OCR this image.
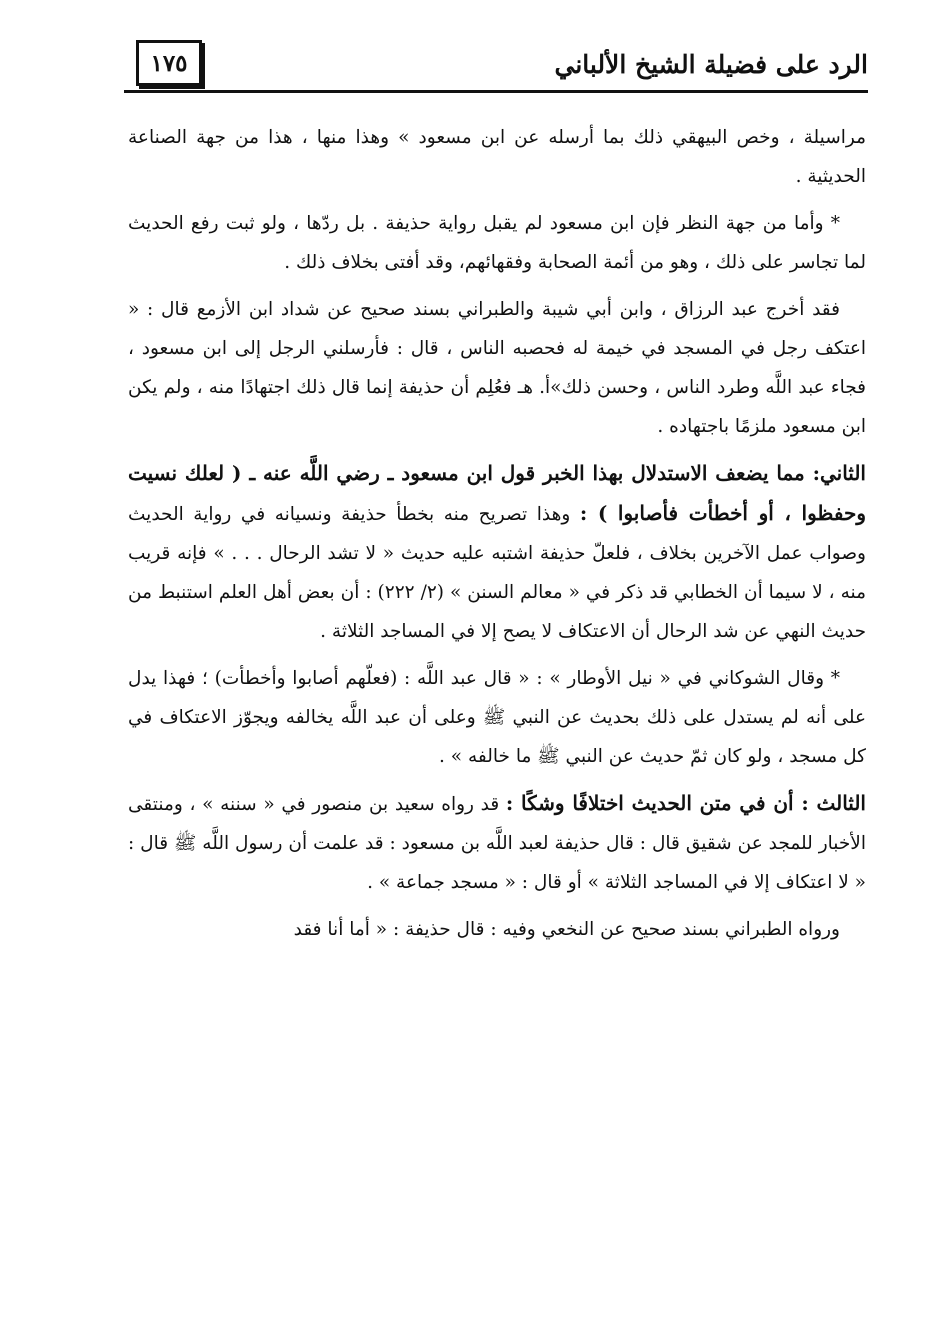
الرد على فضيلة الشيخ الألباني
١٧٥

مراسيلة ، وخص البيهقي ذلك بما أرسله عن ابن مسعود » وهذا منها ، هذا من جهة الصناعة الحديثية .

* وأما من جهة النظر فإن ابن مسعود لم يقبل رواية حذيفة . بل ردّها ، ولو ثبت رفع الحديث لما تجاسر على ذلك ، وهو من أئمة الصحابة وفقهائهم، وقد أفتى بخلاف ذلك .

فقد أخرج عبد الرزاق ، وابن أبي شيبة والطبراني بسند صحيح عن شداد ابن الأزمع قال : « اعتكف رجل في المسجد في خيمة له فحصبه الناس ، قال : فأرسلني الرجل إلى ابن مسعود ، فجاء عبد اللَّه وطرد الناس ، وحسن ذلك»أ. هـ فعُلِم أن حذيفة إنما قال ذلك اجتهادًا منه ، ولم يكن ابن مسعود ملزمًا باجتهاده .

الثاني: مما يضعف الاستدلال بهذا الخبر قول ابن مسعود ـ رضي اللَّه عنه ـ ( لعلك نسيت وحفظوا ، أو أخطأت فأصابوا ) : وهذا تصريح منه بخطأ حذيفة ونسيانه في رواية الحديث وصواب عمل الآخرين بخلاف ، فلعلّ حذيفة اشتبه عليه حديث « لا تشد الرحال . . . » فإنه قريب منه ، لا سيما أن الخطابي قد ذكر في « معالم السنن » (٢/ ٢٢٢) : أن بعض أهل العلم استنبط من حديث النهي عن شد الرحال أن الاعتكاف لا يصح إلا في المساجد الثلاثة .

* وقال الشوكاني في « نيل الأوطار » : « قال عبد اللَّه : (فعلّهم أصابوا وأخطأت) ؛ فهذا يدل على أنه لم يستدل على ذلك بحديث عن النبي ﷺ وعلى أن عبد اللَّه يخالفه ويجوّز الاعتكاف في كل مسجد ، ولو كان ثمّ حديث عن النبي ﷺ ما خالفه » .

الثالث : أن في متن الحديث اختلافًا وشكًا : قد رواه سعيد بن منصور في « سننه » ، ومنتقى الأخبار للمجد عن شقيق قال : قال حذيفة لعبد اللَّه بن مسعود : قد علمت أن رسول اللَّه ﷺ قال : « لا اعتكاف إلا في المساجد الثلاثة » أو قال : « مسجد جماعة » .

ورواه الطبراني بسند صحيح عن النخعي وفيه : قال حذيفة : « أما أنا فقد
